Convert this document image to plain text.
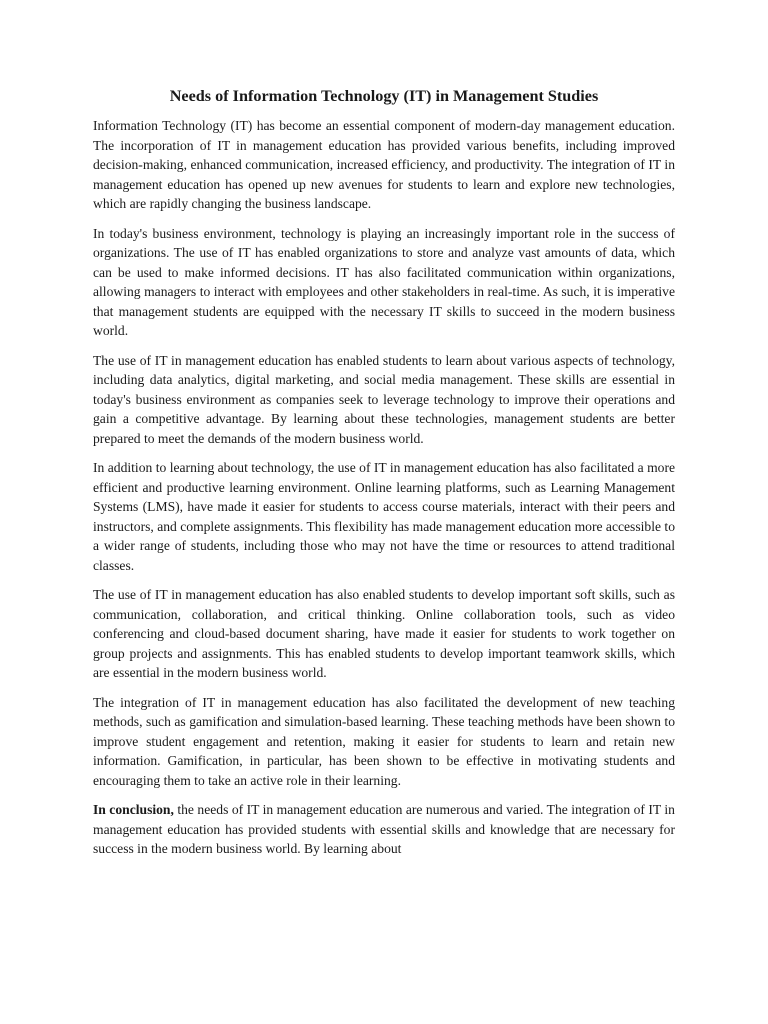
Needs of Information Technology (IT) in Management Studies

Information Technology (IT) has become an essential component of modern-day management education. The incorporation of IT in management education has provided various benefits, including improved decision-making, enhanced communication, increased efficiency, and productivity. The integration of IT in management education has opened up new avenues for students to learn and explore new technologies, which are rapidly changing the business landscape.

In today's business environment, technology is playing an increasingly important role in the success of organizations. The use of IT has enabled organizations to store and analyze vast amounts of data, which can be used to make informed decisions. IT has also facilitated communication within organizations, allowing managers to interact with employees and other stakeholders in real-time. As such, it is imperative that management students are equipped with the necessary IT skills to succeed in the modern business world.

The use of IT in management education has enabled students to learn about various aspects of technology, including data analytics, digital marketing, and social media management. These skills are essential in today's business environment as companies seek to leverage technology to improve their operations and gain a competitive advantage. By learning about these technologies, management students are better prepared to meet the demands of the modern business world.

In addition to learning about technology, the use of IT in management education has also facilitated a more efficient and productive learning environment. Online learning platforms, such as Learning Management Systems (LMS), have made it easier for students to access course materials, interact with their peers and instructors, and complete assignments. This flexibility has made management education more accessible to a wider range of students, including those who may not have the time or resources to attend traditional classes.

The use of IT in management education has also enabled students to develop important soft skills, such as communication, collaboration, and critical thinking. Online collaboration tools, such as video conferencing and cloud-based document sharing, have made it easier for students to work together on group projects and assignments. This has enabled students to develop important teamwork skills, which are essential in the modern business world.

The integration of IT in management education has also facilitated the development of new teaching methods, such as gamification and simulation-based learning. These teaching methods have been shown to improve student engagement and retention, making it easier for students to learn and retain new information. Gamification, in particular, has been shown to be effective in motivating students and encouraging them to take an active role in their learning.

In conclusion, the needs of IT in management education are numerous and varied. The integration of IT in management education has provided students with essential skills and knowledge that are necessary for success in the modern business world. By learning about
